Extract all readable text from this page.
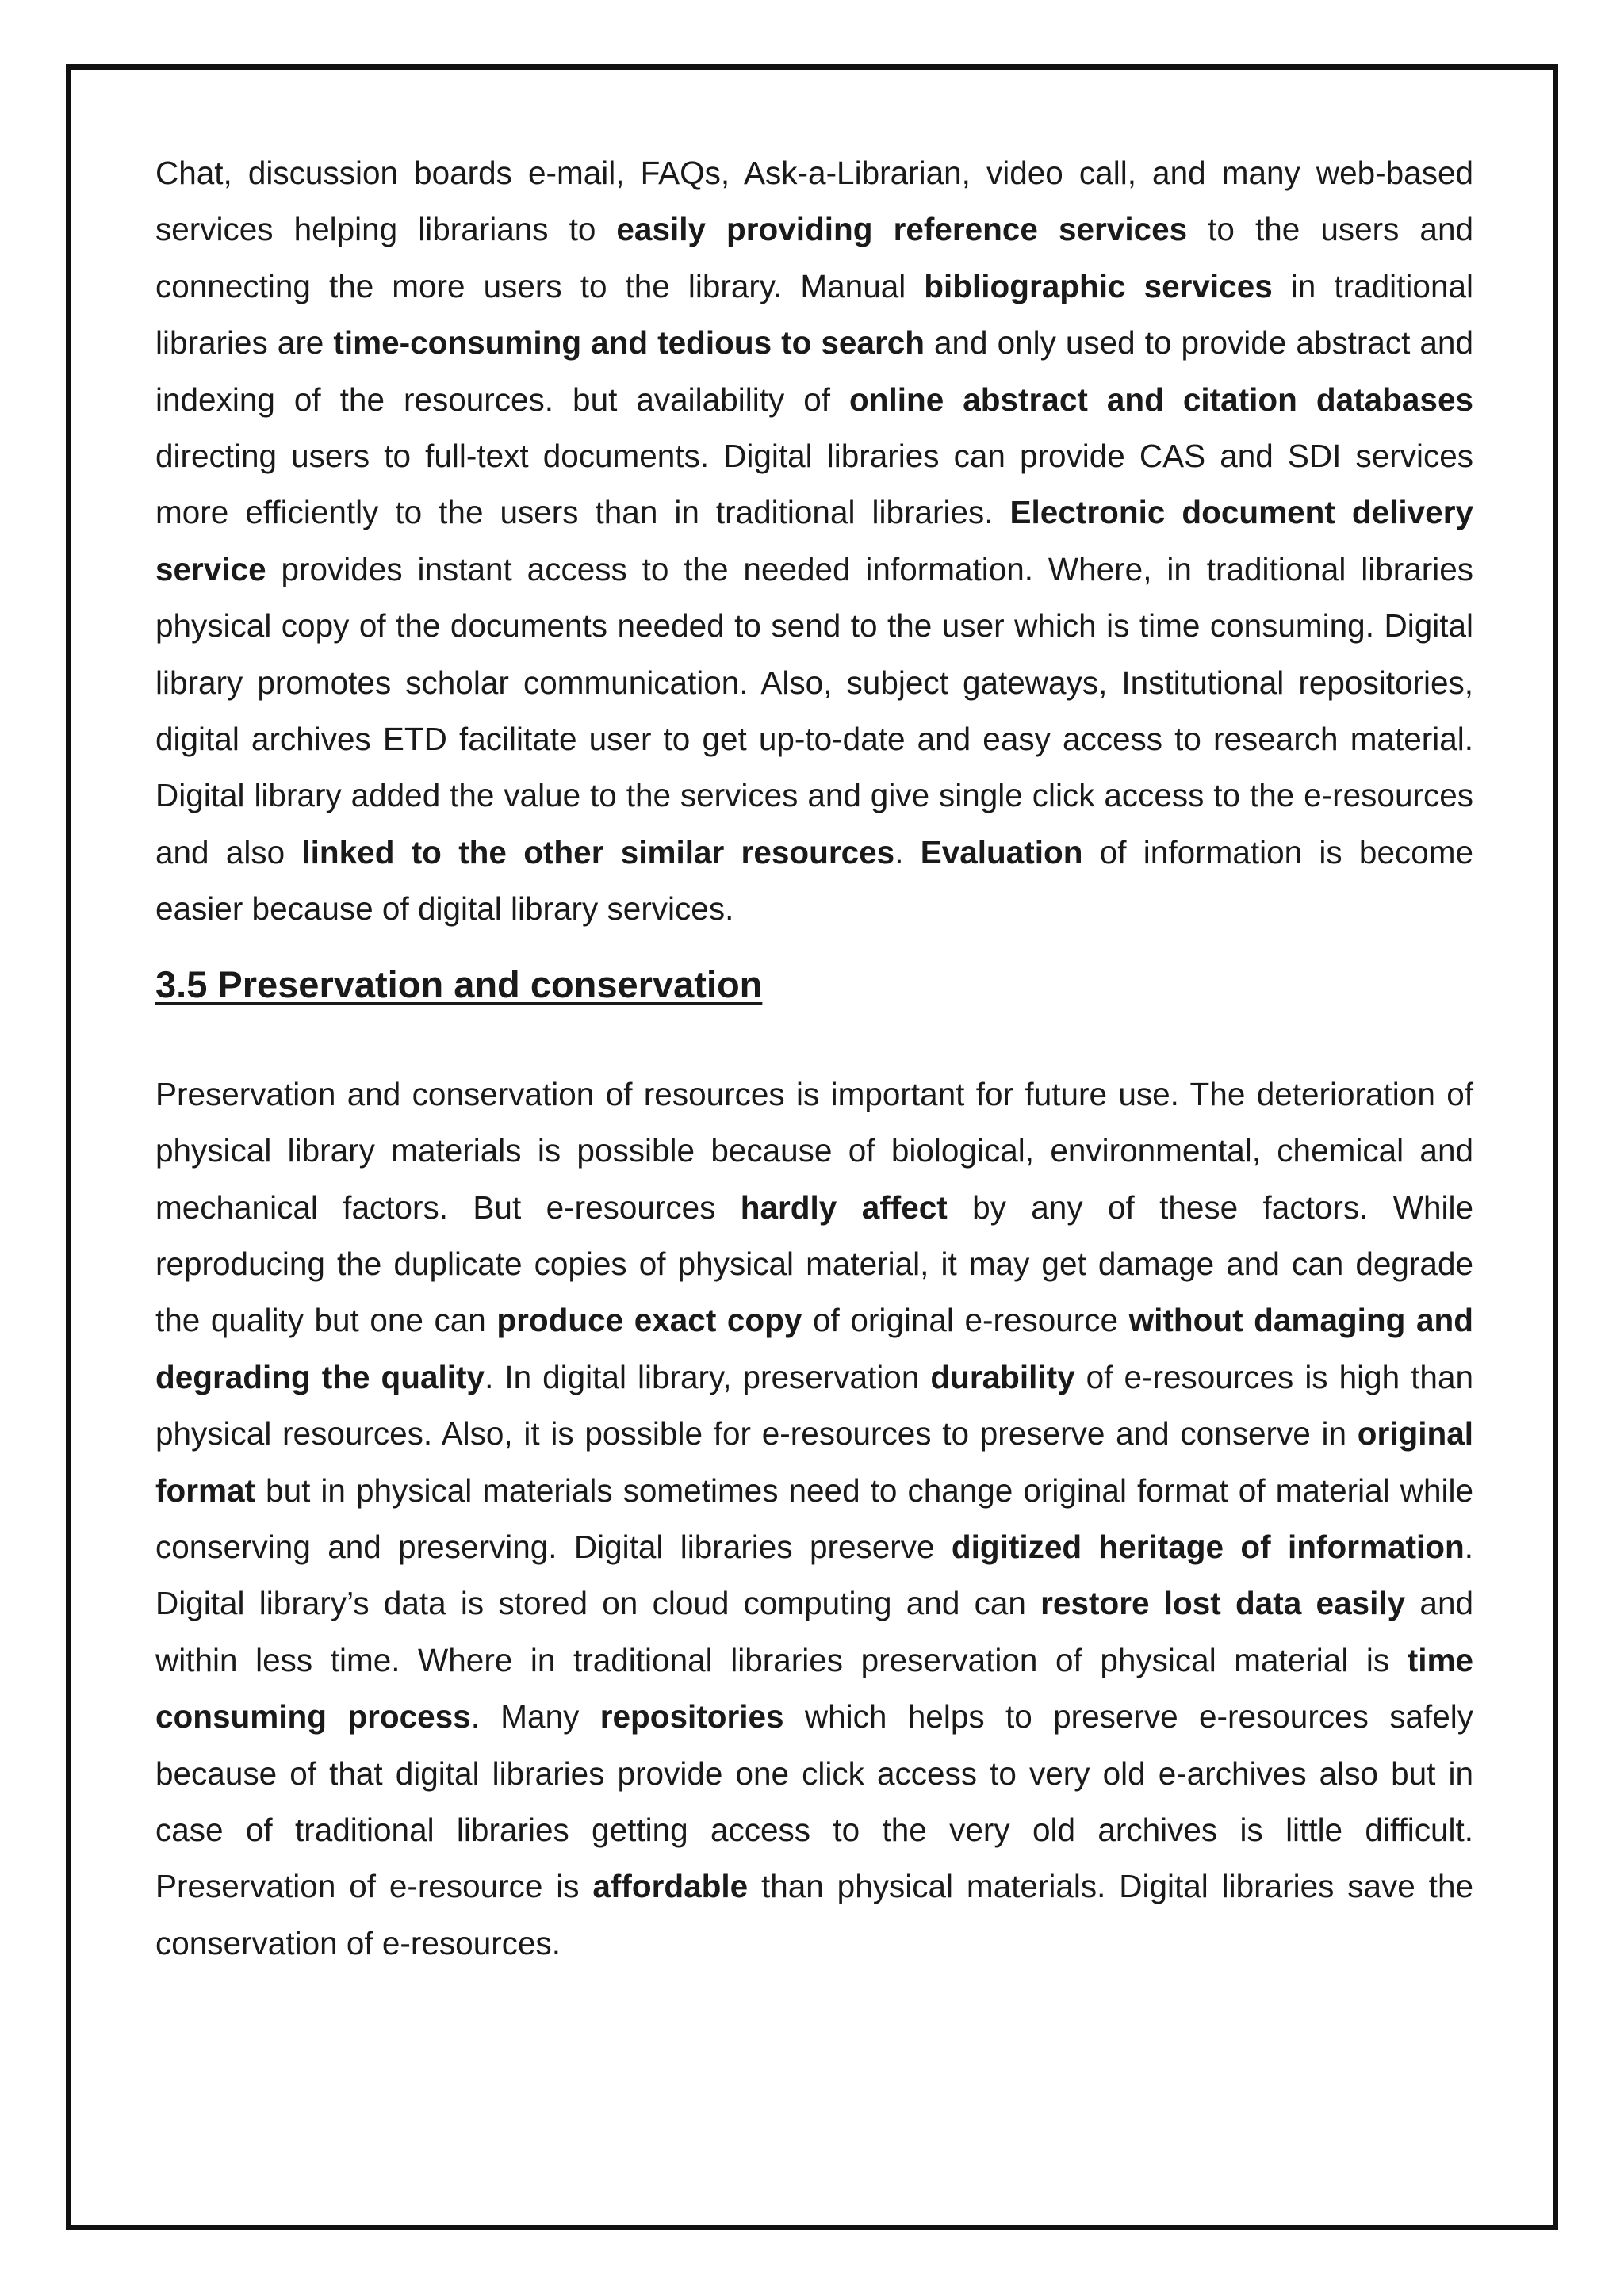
Chat, discussion boards e-mail, FAQs, Ask-a-Librarian, video call, and many web-based services helping librarians to easily providing reference services to the users and connecting the more users to the library. Manual bibliographic services in traditional libraries are time-consuming and tedious to search and only used to provide abstract and indexing of the resources. but availability of online abstract and citation databases directing users to full-text documents. Digital libraries can provide CAS and SDI services more efficiently to the users than in traditional libraries. Electronic document delivery service provides instant access to the needed information. Where, in traditional libraries physical copy of the documents needed to send to the user which is time consuming. Digital library promotes scholar communication. Also, subject gateways, Institutional repositories, digital archives ETD facilitate user to get up-to-date and easy access to research material. Digital library added the value to the services and give single click access to the e-resources and also linked to the other similar resources. Evaluation of information is become easier because of digital library services.

3.5 Preservation and conservation

Preservation and conservation of resources is important for future use. The deterioration of physical library materials is possible because of biological, environmental, chemical and mechanical factors. But e-resources hardly affect by any of these factors. While reproducing the duplicate copies of physical material, it may get damage and can degrade the quality but one can produce exact copy of original e-resource without damaging and degrading the quality. In digital library, preservation durability of e-resources is high than physical resources. Also, it is possible for e-resources to preserve and conserve in original format but in physical materials sometimes need to change original format of material while conserving and preserving. Digital libraries preserve digitized heritage of information. Digital library’s data is stored on cloud computing and can restore lost data easily and within less time. Where in traditional libraries preservation of physical material is time consuming process. Many repositories which helps to preserve e-resources safely because of that digital libraries provide one click access to very old e-archives also but in case of traditional libraries getting access to the very old archives is little difficult. Preservation of e-resource is affordable than physical materials. Digital libraries save the conservation of e-resources.
